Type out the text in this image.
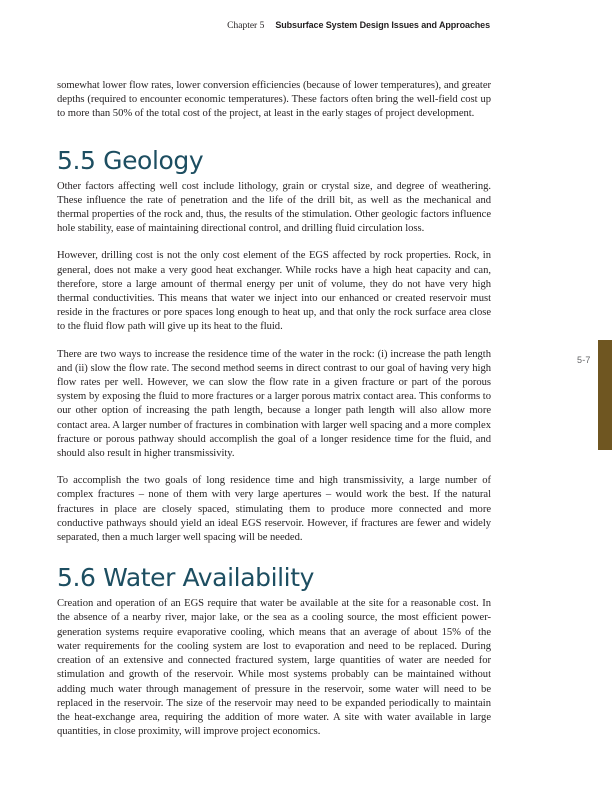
Chapter 5 Subsurface System Design Issues and Approaches

somewhat lower flow rates, lower conversion efficiencies (because of lower temperatures), and greater depths (required to encounter economic temperatures). These factors often bring the well-field cost up to more than 50% of the total cost of the project, at least in the early stages of project development.

5.5 Geology

Other factors affecting well cost include lithology, grain or crystal size, and degree of weathering. These influence the rate of penetration and the life of the drill bit, as well as the mechanical and thermal properties of the rock and, thus, the results of the stimulation. Other geologic factors influence hole stability, ease of maintaining directional control, and drilling fluid circulation loss.

However, drilling cost is not the only cost element of the EGS affected by rock properties. Rock, in general, does not make a very good heat exchanger. While rocks have a high heat capacity and can, therefore, store a large amount of thermal energy per unit of volume, they do not have very high thermal conductivities. This means that water we inject into our enhanced or created reservoir must reside in the fractures or pore spaces long enough to heat up, and that only the rock surface area close to the fluid flow path will give up its heat to the fluid.

There are two ways to increase the residence time of the water in the rock: (i) increase the path length and (ii) slow the flow rate. The second method seems in direct contrast to our goal of having very high flow rates per well. However, we can slow the flow rate in a given fracture or part of the porous system by exposing the fluid to more fractures or a larger porous matrix contact area. This conforms to our other option of increasing the path length, because a longer path length will also allow more contact area. A larger number of fractures in combination with larger well spacing and a more complex fracture or porous pathway should accomplish the goal of a longer residence time for the fluid, and should also result in higher transmissivity.

To accomplish the two goals of long residence time and high transmissivity, a large number of complex fractures – none of them with very large apertures – would work the best. If the natural fractures in place are closely spaced, stimulating them to produce more connected and more conductive pathways should yield an ideal EGS reservoir. However, if fractures are fewer and widely separated, then a much larger well spacing will be needed.

5.6 Water Availability

Creation and operation of an EGS require that water be available at the site for a reasonable cost. In the absence of a nearby river, major lake, or the sea as a cooling source, the most efficient power-generation systems require evaporative cooling, which means that an average of about 15% of the water requirements for the cooling system are lost to evaporation and need to be replaced. During creation of an extensive and connected fractured system, large quantities of water are needed for stimulation and growth of the reservoir. While most systems probably can be maintained without adding much water through management of pressure in the reservoir, some water will need to be replaced in the reservoir. The size of the reservoir may need to be expanded periodically to maintain the heat-exchange area, requiring the addition of more water. A site with water available in large quantities, in close proximity, will improve project economics.

5-7
